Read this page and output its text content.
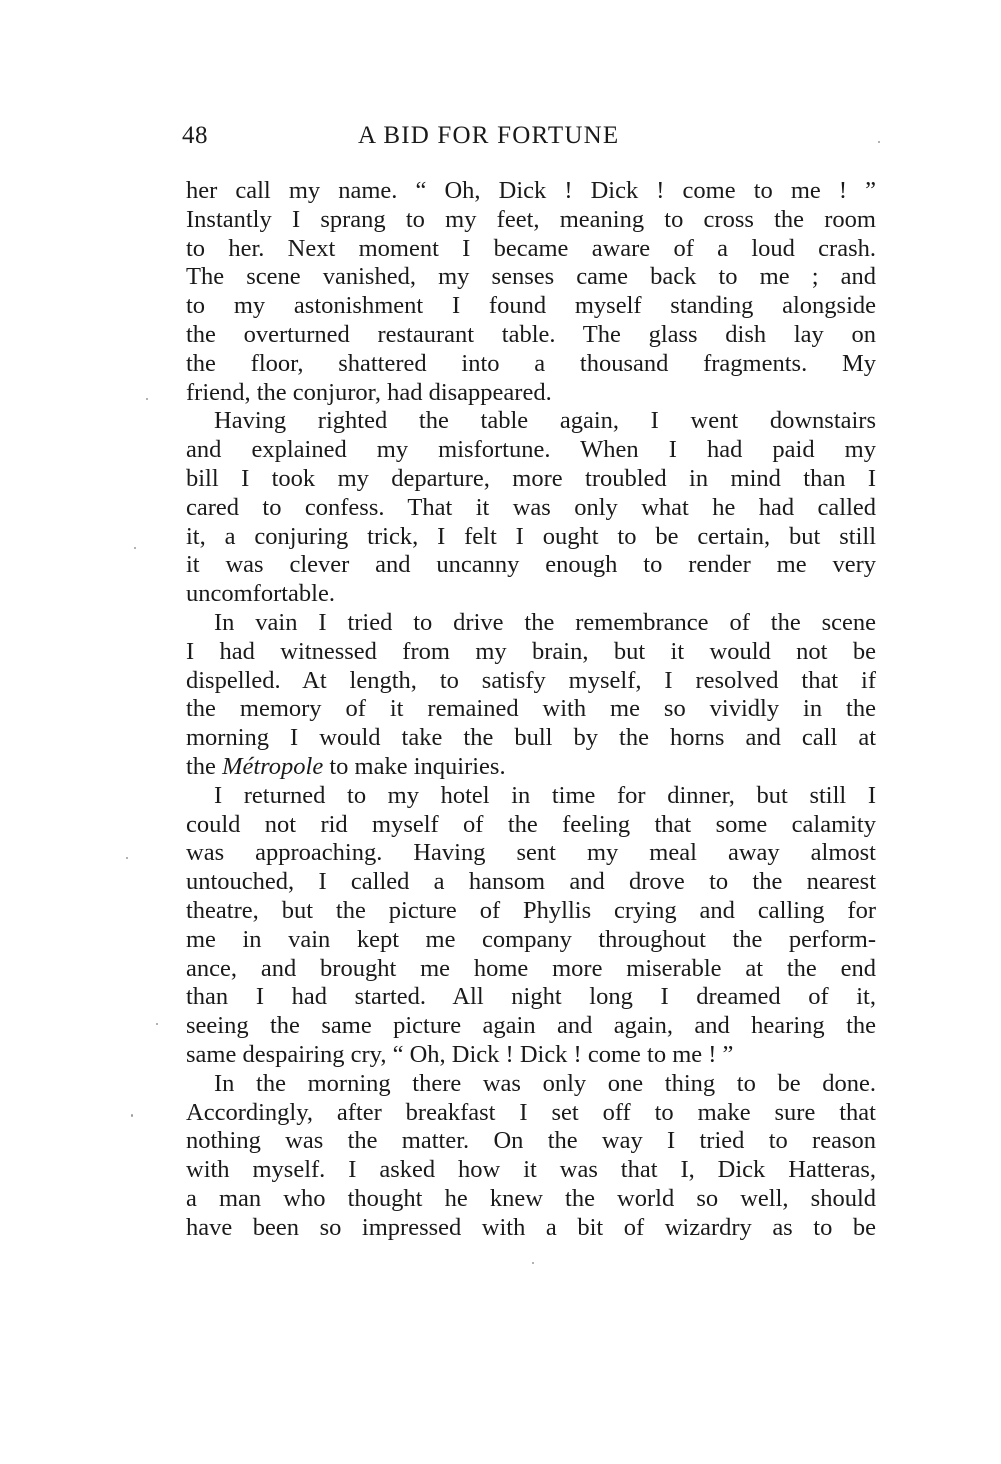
48	A BID FOR FORTUNE
her call my name. “ Oh, Dick ! Dick ! come to me ! ”
Instantly I sprang to my feet, meaning to cross the room
to her. Next moment I became aware of a loud crash.
The scene vanished, my senses came back to me ; and
to my astonishment I found myself standing alongside
the overturned restaurant table. The glass dish lay on
the floor, shattered into a thousand fragments. My
friend, the conjuror, had disappeared.
Having righted the table again, I went downstairs
and explained my misfortune. When I had paid my
bill I took my departure, more troubled in mind than I
cared to confess. That it was only what he had called
it, a conjuring trick, I felt I ought to be certain, but still
it was clever and uncanny enough to render me very
uncomfortable.
In vain I tried to drive the remembrance of the scene
I had witnessed from my brain, but it would not be
dispelled. At length, to satisfy myself, I resolved that if
the memory of it remained with me so vividly in the
morning I would take the bull by the horns and call at
the Métropole to make inquiries.
I returned to my hotel in time for dinner, but still I
could not rid myself of the feeling that some calamity
was approaching. Having sent my meal away almost
untouched, I called a hansom and drove to the nearest
theatre, but the picture of Phyllis crying and calling for
me in vain kept me company throughout the perform-
ance, and brought me home more miserable at the end
than I had started. All night long I dreamed of it,
seeing the same picture again and again, and hearing the
same despairing cry, “ Oh, Dick ! Dick ! come to me ! ”
In the morning there was only one thing to be done.
Accordingly, after breakfast I set off to make sure that
nothing was the matter. On the way I tried to reason
with myself. I asked how it was that I, Dick Hatteras,
a man who thought he knew the world so well, should
have been so impressed with a bit of wizardry as to be
